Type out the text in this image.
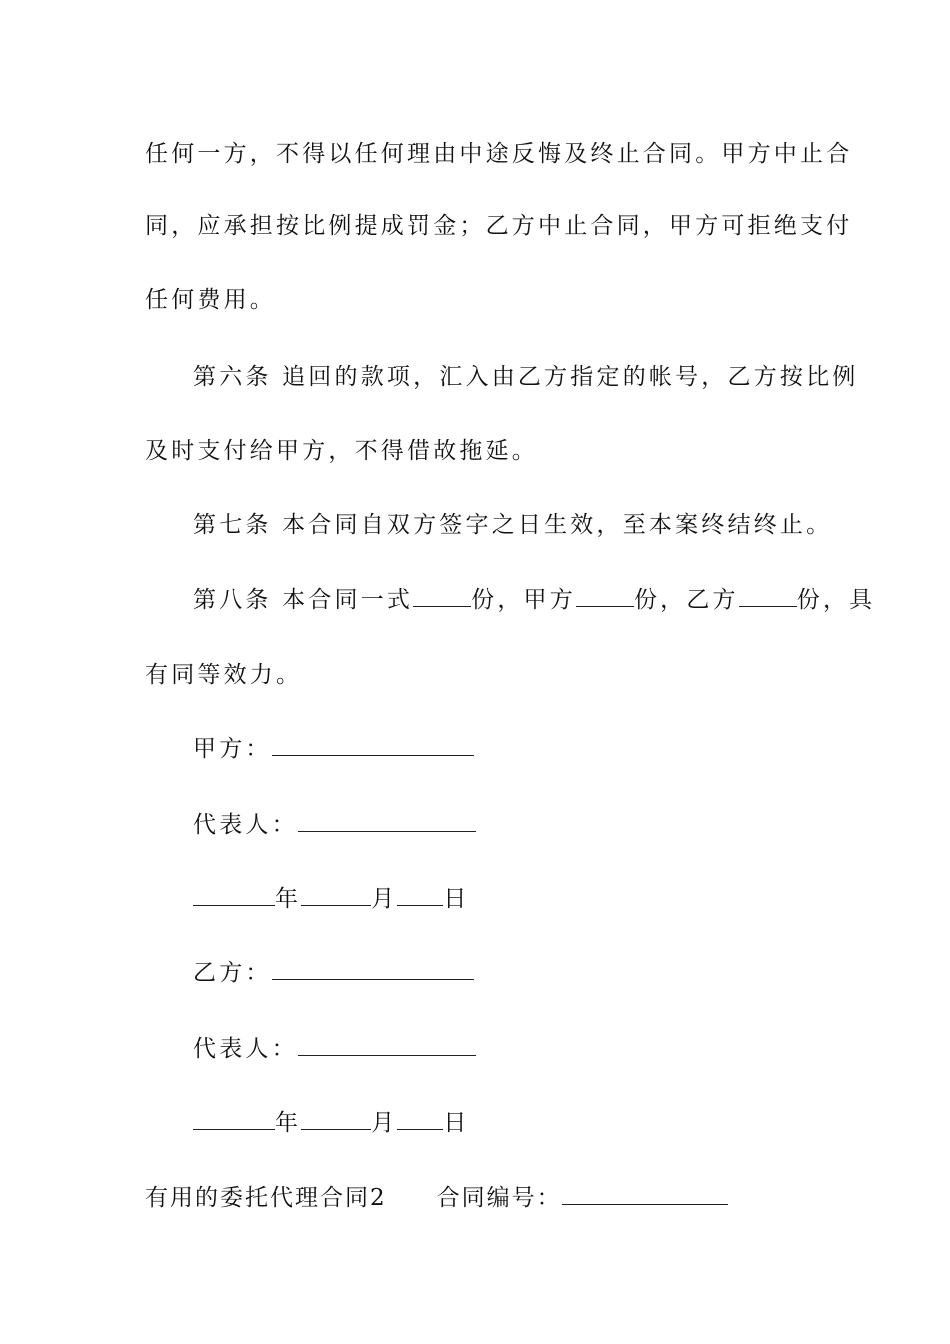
任何一方，不得以任何理由中途反悔及终止合同。甲方中止合
同，应承担按比例提成罚金；乙方中止合同，甲方可拒绝支付
任何费用。
第六条 追回的款项，汇入由乙方指定的帐号，乙方按比例
及时支付给甲方，不得借故拖延。
第七条 本合同自双方签字之日生效，至本案终结终止。
第八条 本合同一式	份，甲方	份，乙方	份，具
有同等效力。
甲方：
代表人：
年	月 日
乙方：
代表人：
年	月 日
有用的委托代理合同2 合同编号：
